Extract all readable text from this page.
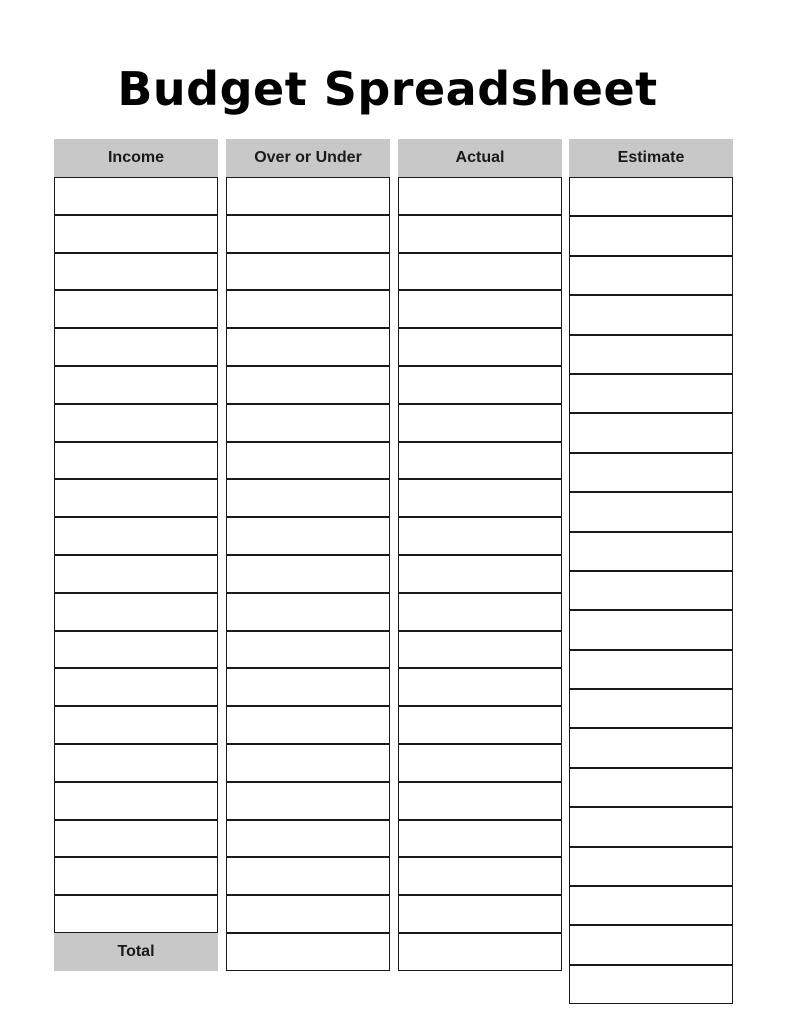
Budget Spreadsheet
Income
Total
Over or Under	Actual	Estimate
